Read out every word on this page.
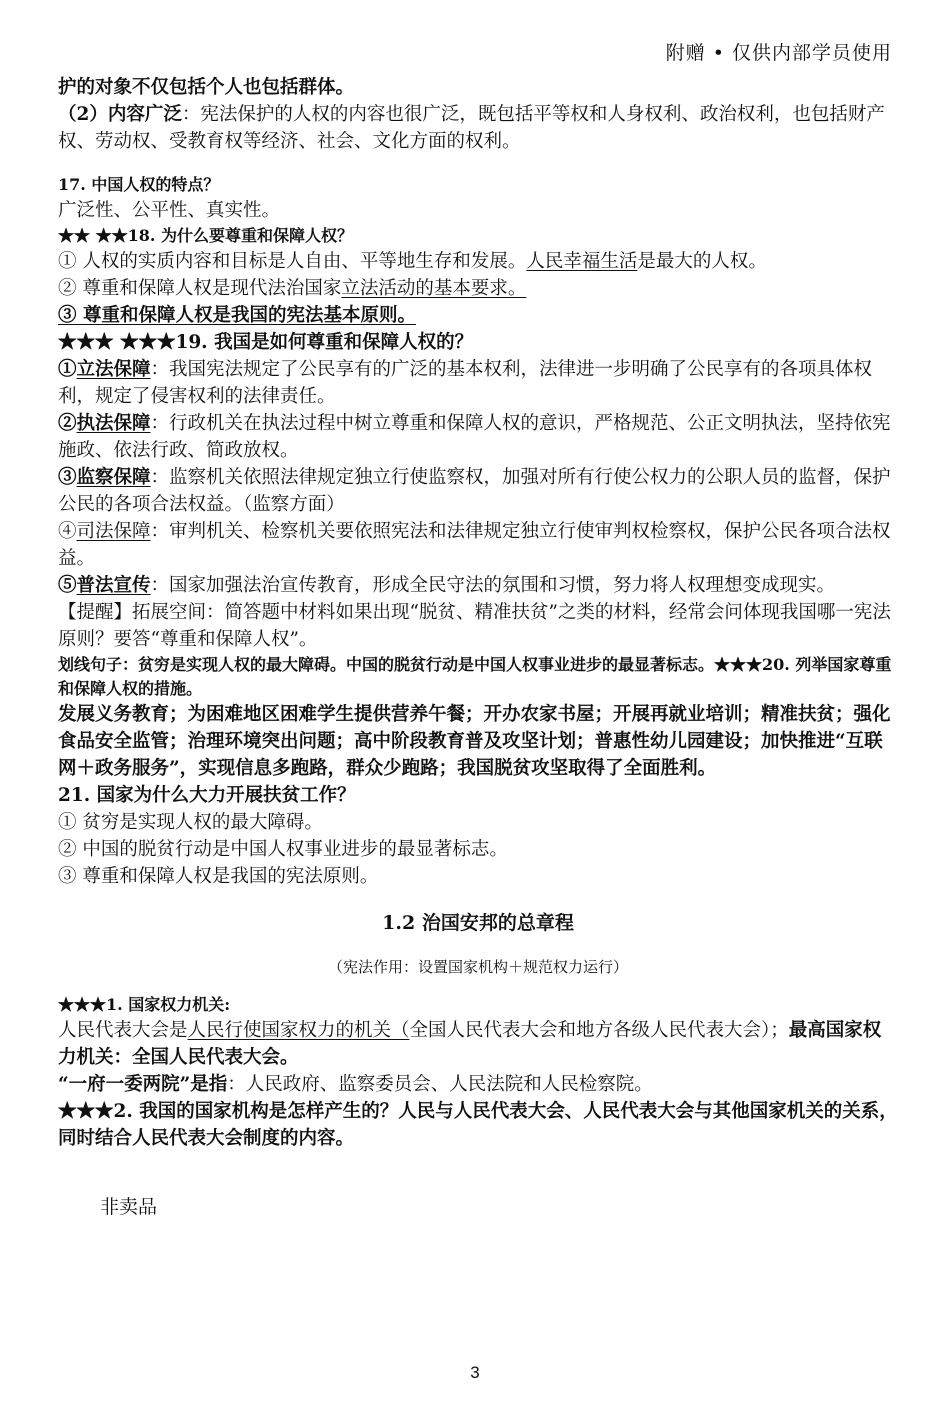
附赠 • 仅供内部学员使用

护的对象不仅包括个人也包括群体。

（2）内容广泛：宪法保护的人权的内容也很广泛，既包括平等权和人身权利、政治权利，也包括财产权、劳动权、受教育权等经济、社会、文化方面的权利。

17. 中国人权的特点？

广泛性、公平性、真实性。

★★ ★★18. 为什么要尊重和保障人权？

① 人权的实质内容和目标是人自由、平等地生存和发展。人民幸福生活是最大的人权。

② 尊重和保障人权是现代法治国家立法活动的基本要求。

③ 尊重和保障人权是我国的宪法基本原则。

★★★ ★★★19. 我国是如何尊重和保障人权的？

①立法保障：我国宪法规定了公民享有的广泛的基本权利，法律进一步明确了公民享有的各项具体权利，规定了侵害权利的法律责任。

②执法保障：行政机关在执法过程中树立尊重和保障人权的意识，严格规范、公正文明执法，坚持依宪施政、依法行政、简政放权。

③监察保障：监察机关依照法律规定独立行使监察权，加强对所有行使公权力的公职人员的监督，保护公民的各项合法权益。（监察方面）

④司法保障：审判机关、检察机关要依照宪法和法律规定独立行使审判权检察权，保护公民各项合法权益。

⑤普法宣传：国家加强法治宣传教育，形成全民守法的氛围和习惯，努力将人权理想变成现实。

【提醒】拓展空间：简答题中材料如果出现“脱贫、精准扶贫”之类的材料，经常会问体现我国哪一宪法原则？要答“尊重和保障人权”。

划线句子：贫穷是实现人权的最大障碍。中国的脱贫行动是中国人权事业进步的最显著标志。★★★20. 列举国家尊重和保障人权的措施。

发展义务教育；为困难地区困难学生提供营养午餐；开办农家书屋；开展再就业培训；精准扶贫；强化食品安全监管；治理环境突出问题；高中阶段教育普及攻坚计划；普惠性幼儿园建设；加快推进“互联网＋政务服务”，实现信息多跑路，群众少跑路；我国脱贫攻坚取得了全面胜利。

21. 国家为什么大力开展扶贫工作？

① 贫穷是实现人权的最大障碍。

② 中国的脱贫行动是中国人权事业进步的最显著标志。

③ 尊重和保障人权是我国的宪法原则。

1.2 治国安邦的总章程

（宪法作用：设置国家机构＋规范权力运行）

★★★1. 国家权力机关:

人民代表大会是人民行使国家权力的机关（全国人民代表大会和地方各级人民代表大会）；最高国家权力机关：全国人民代表大会。

“一府一委两院”是指：人民政府、监察委员会、人民法院和人民检察院。

★★★2. 我国的国家机构是怎样产生的？人民与人民代表大会、人民代表大会与其他国家机关的关系，同时结合人民代表大会制度的内容。

非卖品
3
